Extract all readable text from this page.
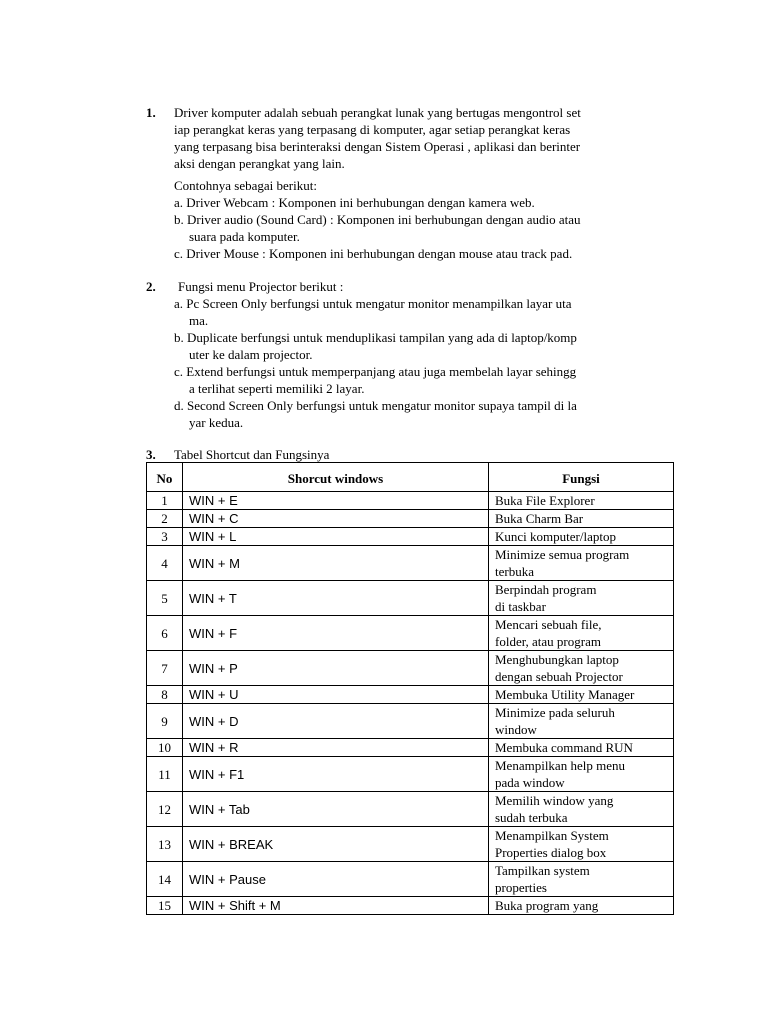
1. Driver komputer adalah sebuah perangkat lunak yang bertugas mengontrol set
iap perangkat keras yang terpasang di komputer, agar setiap perangkat keras
yang terpasang bisa berinteraksi dengan Sistem Operasi , aplikasi dan berinter
aksi dengan perangkat yang lain.
Contohnya sebagai berikut:
a. Driver Webcam : Komponen ini berhubungan dengan kamera web.
b. Driver audio (Sound Card) : Komponen ini berhubungan dengan audio atau
suara pada komputer.
c. Driver Mouse : Komponen ini berhubungan dengan mouse atau track pad.
2. Fungsi menu Projector berikut :
a. Pc Screen Only berfungsi untuk mengatur monitor menampilkan layar uta
ma.
b. Duplicate berfungsi untuk menduplikasi tampilan yang ada di laptop/komp
uter ke dalam projector.
c. Extend berfungsi untuk memperpanjang atau juga membelah layar sehingg
a terlihat seperti memiliki 2 layar.
d. Second Screen Only berfungsi untuk mengatur monitor supaya tampil di la
yar kedua.
3. Tabel Shortcut dan Fungsinya
No	Shorcut windows	Fungsi
1	WIN + E	Buka File Explorer
2	WIN + C	Buka Charm Bar
3	WIN + L	Kunci komputer/laptop
4	WIN + M	Minimize semua program
terbuka
5	WIN + T	Berpindah program
di taskbar
6	WIN + F	Mencari sebuah file,
folder, atau program
7	WIN + P	Menghubungkan laptop
dengan sebuah Projector
8	WIN + U	Membuka Utility Manager
9	WIN + D	Minimize pada seluruh
window
10	WIN + R	Membuka command RUN
11	WIN + F1	Menampilkan help menu
pada window
12	WIN + Tab	Memilih window yang
sudah terbuka
13	WIN + BREAK	Menampilkan System
Properties dialog box
14	WIN + Pause	Tampilkan system
properties
15	WIN + Shift + M	Buka program yang
